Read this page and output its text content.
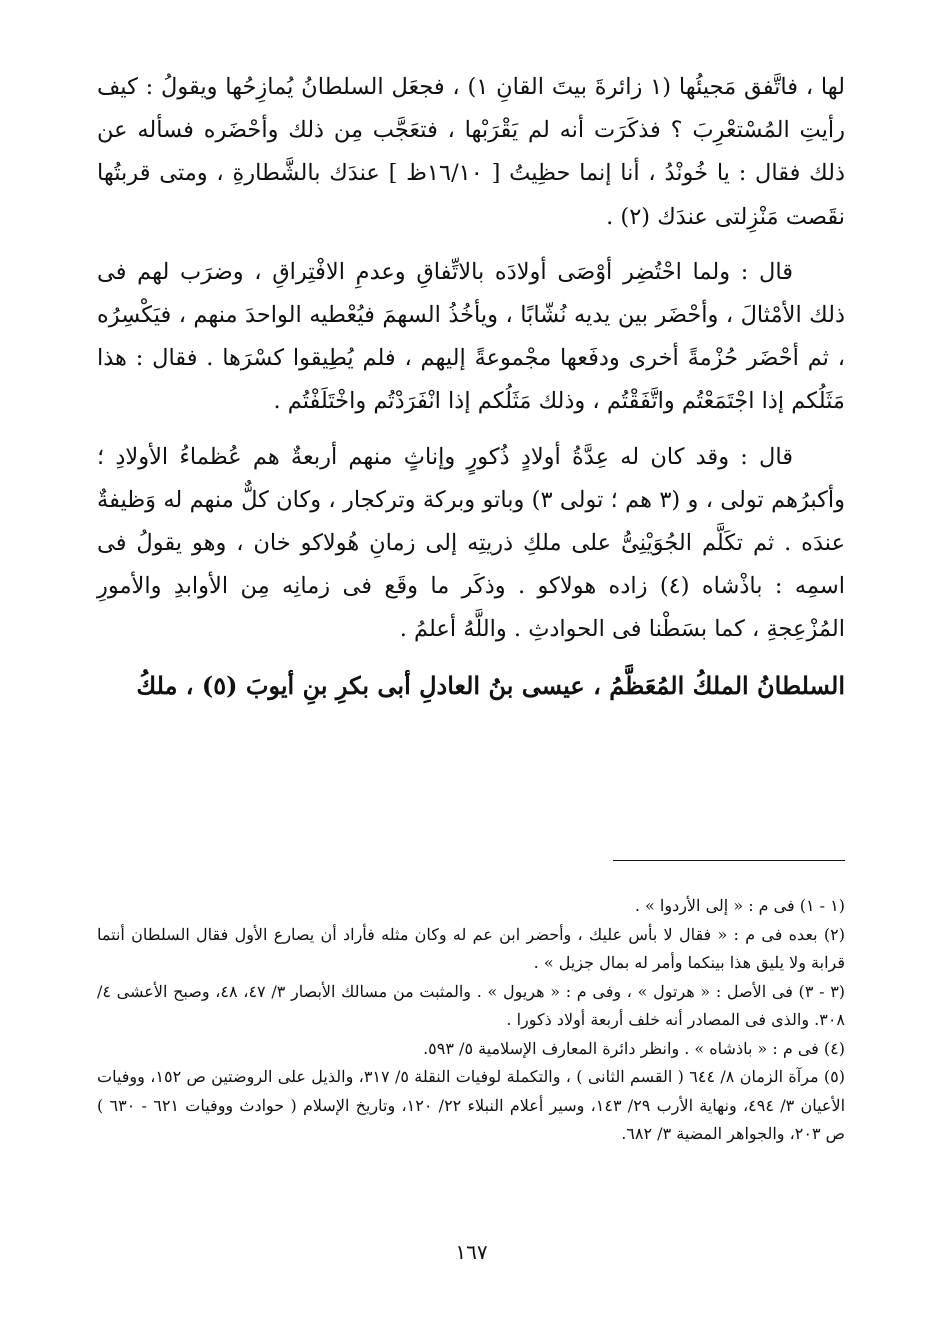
لها ، فاتَّفق مَجيئُها (١ زائرةَ بيتَ القانِ ١) ، فجعَل السلطانُ يُمازِحُها ويقولُ : كيف رأيتِ المُسْتعْرِبَ ؟ فذكَرَت أنه لم يَقْرَبْها ، فتعَجَّب مِن ذلك وأحْضَره فسأله عن ذلك فقال : يا خُونْدُ ، أنا إنما حظِيتُ [ ١٦/١٠ظ ] عندَك بالشَّطارةِ ، ومتى قربتُها نقَصت مَنْزِلتى عندَك (٢) .

قال : ولما احْتُضِر أوْصَى أولادَه بالاتِّفاقِ وعدمِ الافْتِراقِ ، وضرَب لهم فى ذلك الأمْثالَ ، وأحْضَر بين يديه نُشّابًا ، ويأخُذُ السهمَ فيُعْطيه الواحدَ منهم ، فيَكْسِرُه ، ثم أحْضَر حُزْمةً أخرى ودفَعها مجْموعةً إليهم ، فلم يُطِيقوا كسْرَها . فقال : هذا مَثَلُكم إذا اجْتَمَعْتُم واتَّفَقْتُم ، وذلك مَثَلُكم إذا انْفَرَدْتُم واخْتَلَفْتُم .

قال : وقد كان له عِدَّةُ أولادٍ ذُكورٍ وإناثٍ منهم أربعةٌ هم عُظماءُ الأولادِ ؛ وأكبرُهم تولى ، و (٣ هم ؛ تولى ٣) وباتو وبركة وتركجار ، وكان كلٌّ منهم له وَظيفةٌ عندَه . ثم تكَلَّم الجُوَيْنِىُّ على ملكِ ذريتِه إلى زمانِ هُولاكو خان ، وهو يقولُ فى اسمِه : باذْشاه (٤) زاده هولاكو . وذكَر ما وقَع فى زمانِه مِن الأوابدِ والأمورِ المُزْعِجةِ ، كما بسَطْنا فى الحوادثِ . واللَّهُ أعلمُ .

السلطانُ الملكُ المُعَظَّمُ ، عيسى بنُ العادلِ أبى بكرِ بنِ أيوبَ (٥) ، ملكُ

(١ - ١) فى م : « إلى الأردوا » .

(٢) بعده فى م : « فقال لا بأس عليك ، وأحضر ابن عم له وكان مثله فأراد أن يصارع الأول فقال السلطان أنتما قرابة ولا يليق هذا بينكما وأمر له بمال جزيل » .

(٣ - ٣) فى الأصل : « هرتول » ، وفى م : « هريول » . والمثبت من مسالك الأبصار ٣/ ٤٧، ٤٨، وصبح الأعشى ٤/ ٣٠٨. والذى فى المصادر أنه خلف أربعة أولاد ذكورا .

(٤) فى م : « باذشاه » . وانظر دائرة المعارف الإسلامية ٥/ ٥٩٣.

(٥) مرآة الزمان ٨/ ٦٤٤ ( القسم الثانى ) ، والتكملة لوفيات النقلة ٥/ ٣١٧، والذيل على الروضتين ص ١٥٢، ووفيات الأعيان ٣/ ٤٩٤، ونهاية الأرب ٢٩/ ١٤٣، وسير أعلام النبلاء ٢٢/ ١٢٠، وتاريخ الإسلام ( حوادث ووفيات ٦٢١ - ٦٣٠ ) ص ٢٠٣، والجواهر المضية ٣/ ٦٨٢.

١٦٧
